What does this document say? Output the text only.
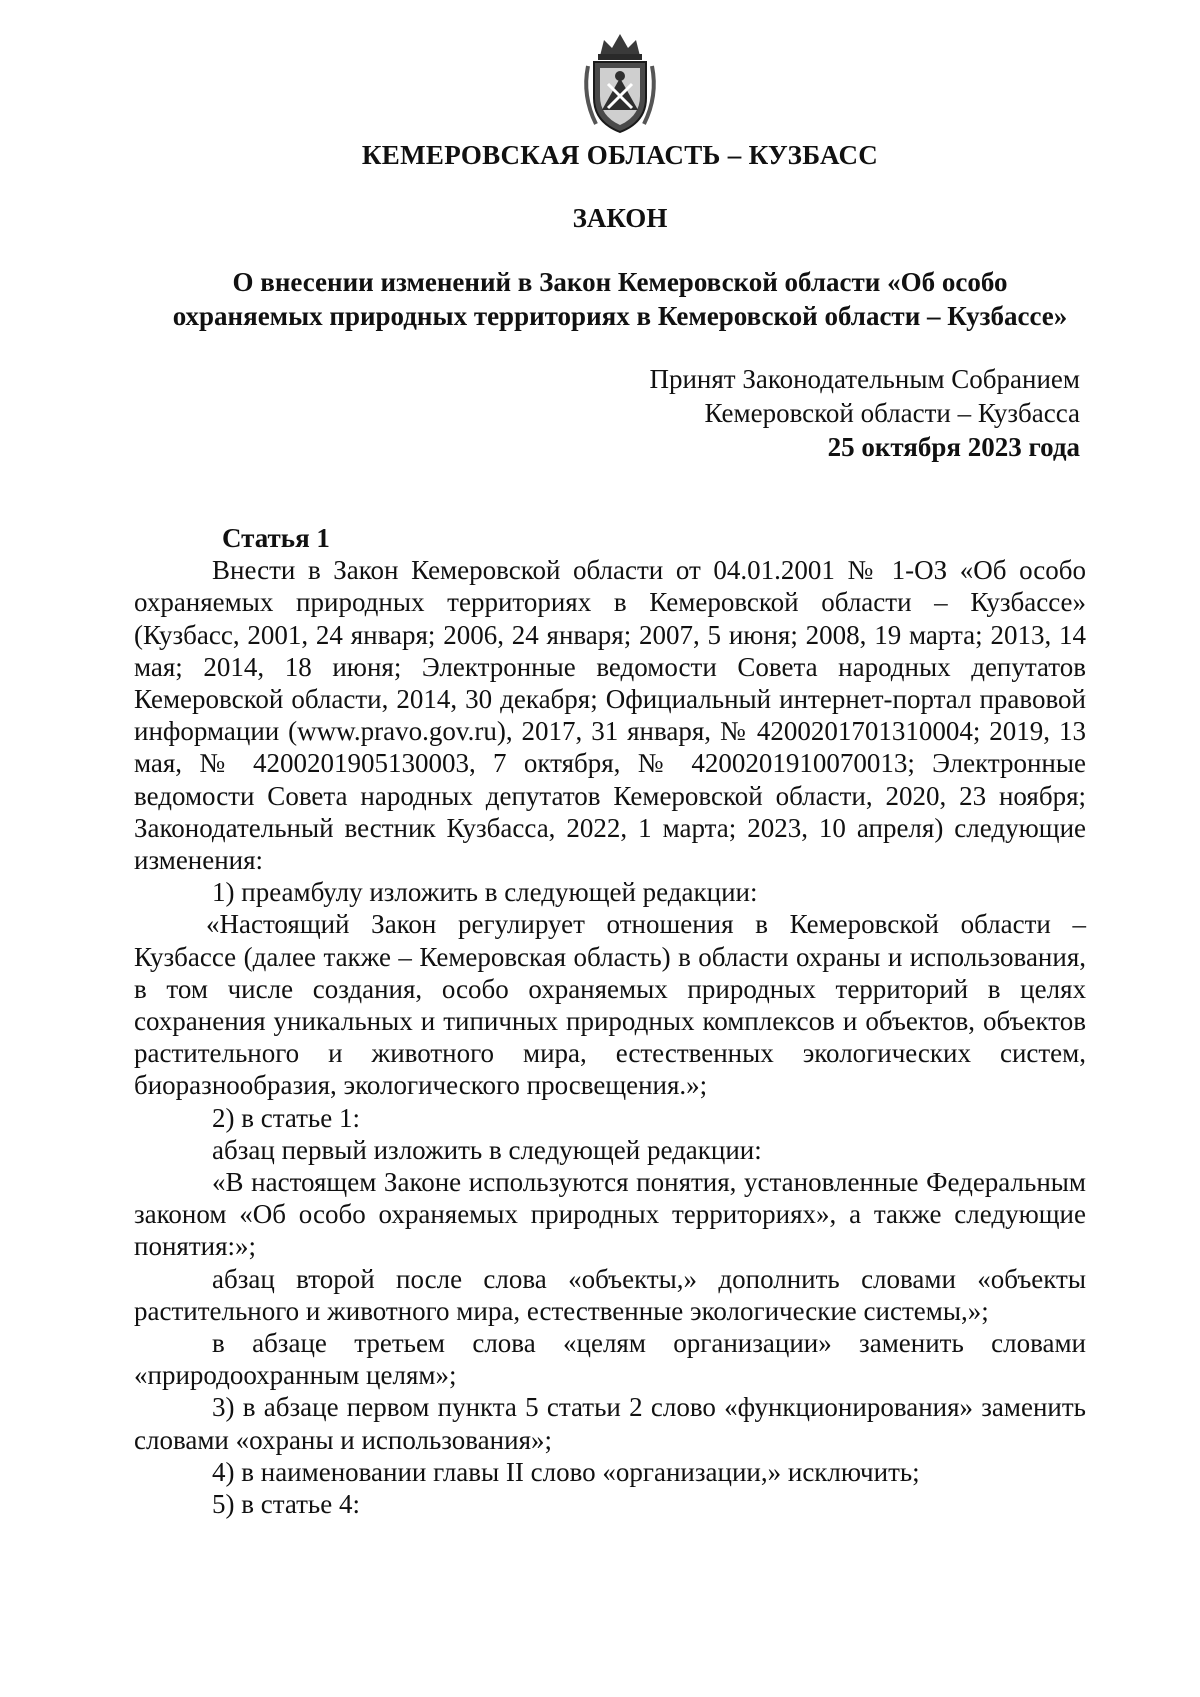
КЕМЕРОВСКАЯ ОБЛАСТЬ – КУЗБАСС
ЗАКОН
О внесении изменений в Закон Кемеровской области «Об особо
охраняемых природных территориях в Кемеровской области – Кузбассе»
Принят Законодательным Собранием
Кемеровской области – Кузбасса
25 октября 2023 года

Статья 1

Внести в Закон Кемеровской области от 04.01.2001 № 1-ОЗ «Об особо охраняемых природных территориях в Кемеровской области – Кузбассе» (Кузбасс, 2001, 24 января; 2006, 24 января; 2007, 5 июня; 2008, 19 марта; 2013, 14 мая; 2014, 18 июня; Электронные ведомости Совета народных депутатов Кемеровской области, 2014, 30 декабря; Официальный интернет-портал правовой информации (www.pravo.gov.ru), 2017, 31 января, № 4200201701310004; 2019, 13 мая, № 4200201905130003, 7 октября, № 4200201910070013; Электронные ведомости Совета народных депутатов Кемеровской области, 2020, 23 ноября; Законодательный вестник Кузбасса, 2022, 1 марта; 2023, 10 апреля) следующие изменения:

1) преамбулу изложить в следующей редакции:

«Настоящий Закон регулирует отношения в Кемеровской области – Кузбассе (далее также – Кемеровская область) в области охраны и использования, в том числе создания, особо охраняемых природных территорий в целях сохранения уникальных и типичных природных комплексов и объектов, объектов растительного и животного мира, естественных экологических систем, биоразнообразия, экологического просвещения.»;

2) в статье 1:

абзац первый изложить в следующей редакции:

«В настоящем Законе используются понятия, установленные Федеральным законом «Об особо охраняемых природных территориях», а также следующие понятия:»;

абзац второй после слова «объекты,» дополнить словами «объекты растительного и животного мира, естественные экологические системы,»;

в абзаце третьем слова «целям организации» заменить словами «природоохранным целям»;

3) в абзаце первом пункта 5 статьи 2 слово «функционирования» заменить словами «охраны и использования»;

4) в наименовании главы II слово «организации,» исключить;

5) в статье 4:
